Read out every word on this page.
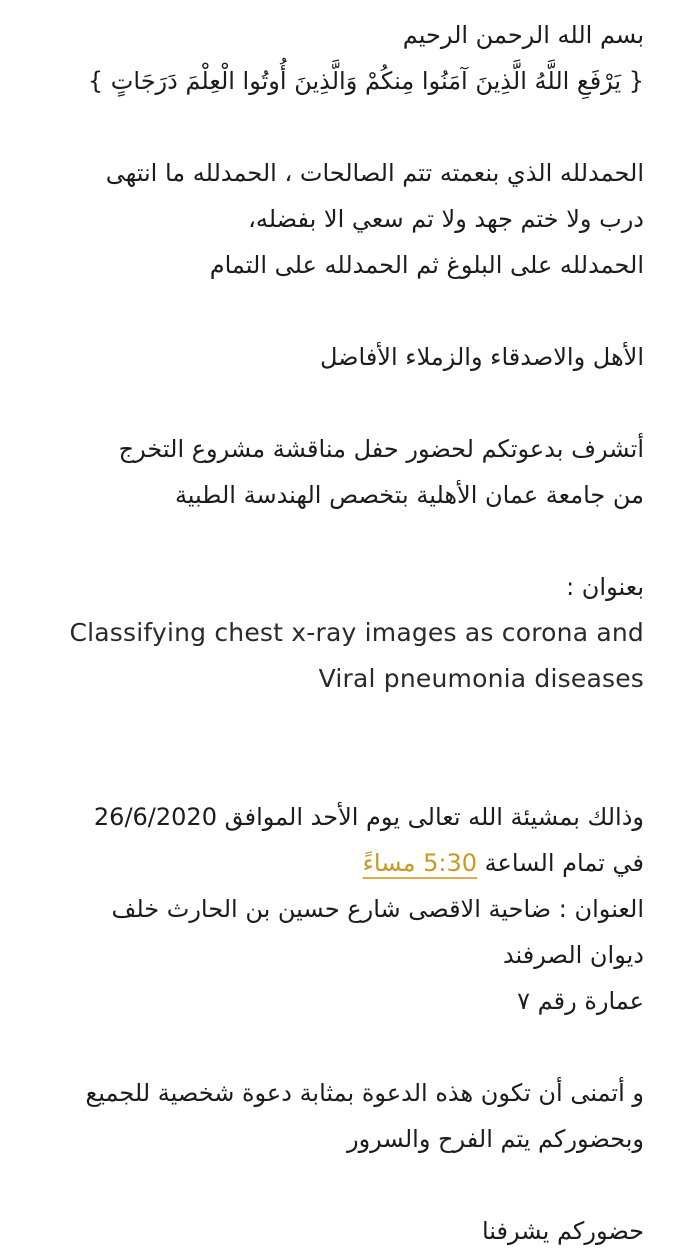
بسم الله الرحمن الرحيم
{ يَرْفَعِ اللَّهُ الَّذِينَ آمَنُوا مِنكُمْ وَالَّذِينَ أُوتُوا الْعِلْمَ دَرَجَاتٍ }
الحمدلله الذي بنعمته تتم الصالحات ، الحمدلله ما انتهى
درب ولا ختم جهد ولا تم سعي الا بفضله،
الحمدلله على البلوغ ثم الحمدلله على التمام
الأهل والاصدقاء والزملاء الأفاضل
أتشرف بدعوتكم لحضور حفل مناقشة مشروع التخرج
من جامعة عمان الأهلية بتخصص الهندسة الطبية
بعنوان :
Classifying chest x-ray images as corona and
Viral pneumonia diseases
وذالك بمشيئة الله تعالى يوم الأحد الموافق 26/6/2020
في تمام الساعة 5:30 مساءً
العنوان : ضاحية الاقصى شارع حسين بن الحارث خلف
ديوان الصرفند
عمارة رقم ٧
و أتمنى أن تكون هذه الدعوة بمثابة دعوة شخصية للجميع
وبحضوركم يتم الفرح والسرور
حضوركم يشرفنا
